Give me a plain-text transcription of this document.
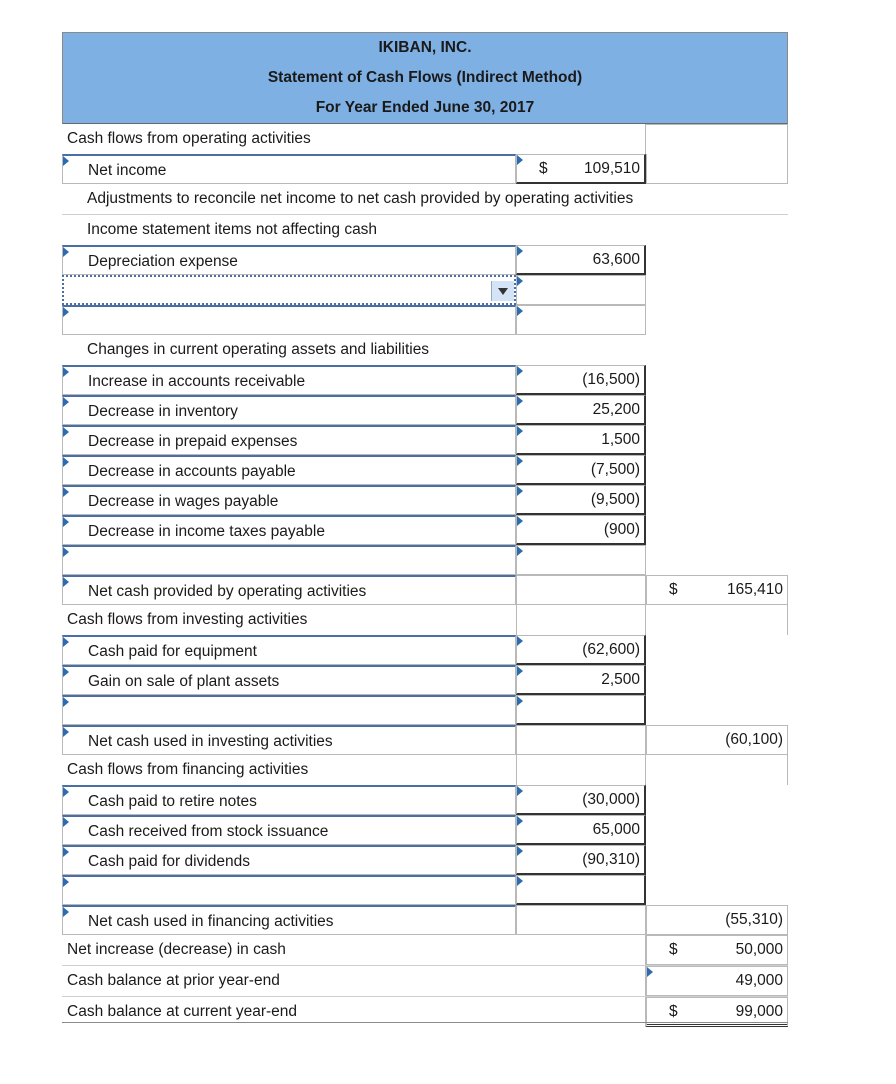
IKIBAN, INC.
Statement of Cash Flows (Indirect Method)
For Year Ended June 30, 2017
Cash flows from operating activities
Net income	$ 109,510
Adjustments to reconcile net income to net cash provided by operating activities
Income statement items not affecting cash
Depreciation expense	63,600
Changes in current operating assets and liabilities
Increase in accounts receivable	(16,500)
Decrease in inventory	25,200
Decrease in prepaid expenses	1,500
Decrease in accounts payable	(7,500)
Decrease in wages payable	(9,500)
Decrease in income taxes payable	(900)
Net cash provided by operating activities	$	165,410
Cash flows from investing activities
Cash paid for equipment	(62,600)
Gain on sale of plant assets	2,500
Net cash used in investing activities	(60,100)
Cash flows from financing activities
Cash paid to retire notes	(30,000)
Cash received from stock issuance	65,000
Cash paid for dividends	(90,310)
Net cash used in financing activities	(55,310)
Net increase (decrease) in cash	$	50,000
Cash balance at prior year-end	49,000
Cash balance at current year-end	$	99,000
